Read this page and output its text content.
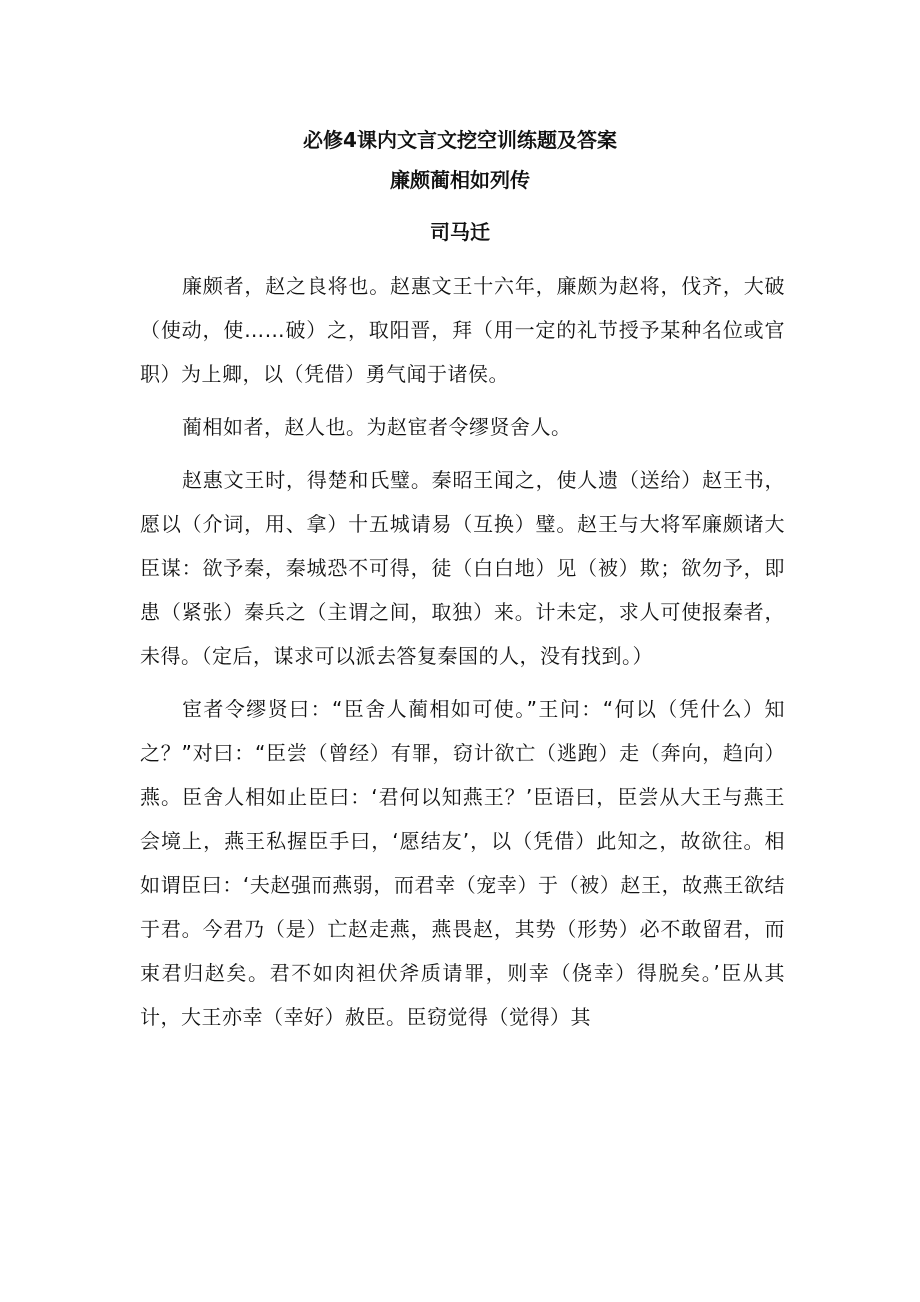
必修4课内文言文挖空训练题及答案
廉颇蔺相如列传
司马迁

廉颇者，赵之良将也。赵惠文王十六年，廉颇为赵将，伐齐，大破（使动，使……破）之，取阳晋，拜（用一定的礼节授予某种名位或官职）为上卿，以（凭借）勇气闻于诸侯。

蔺相如者，赵人也。为赵宦者令缪贤舍人。

赵惠文王时，得楚和氏璧。秦昭王闻之，使人遗（送给）赵王书，愿以（介词，用、拿）十五城请易（互换）璧。赵王与大将军廉颇诸大臣谋：欲予秦，秦城恐不可得，徒（白白地）见（被）欺；欲勿予，即患（紧张）秦兵之（主谓之间，取独）来。计未定，求人可使报秦者，未得。（定后，谋求可以派去答复秦国的人，没有找到。）

宦者令缪贤曰：“臣舍人蔺相如可使。”王问：“何以（凭什么）知之？”对曰：“臣尝（曾经）有罪，窃计欲亡（逃跑）走（奔向，趋向）燕。臣舍人相如止臣曰：‘君何以知燕王？’臣语曰，臣尝从大王与燕王会境上，燕王私握臣手曰，‘愿结友’，以（凭借）此知之，故欲往。相如谓臣曰：‘夫赵强而燕弱，而君幸（宠幸）于（被）赵王，故燕王欲结于君。今君乃（是）亡赵走燕，燕畏赵，其势（形势）必不敢留君，而束君归赵矣。君不如肉袒伏斧质请罪，则幸（侥幸）得脱矣。’臣从其计，大王亦幸（幸好）赦臣。臣窃觉得（觉得）其
